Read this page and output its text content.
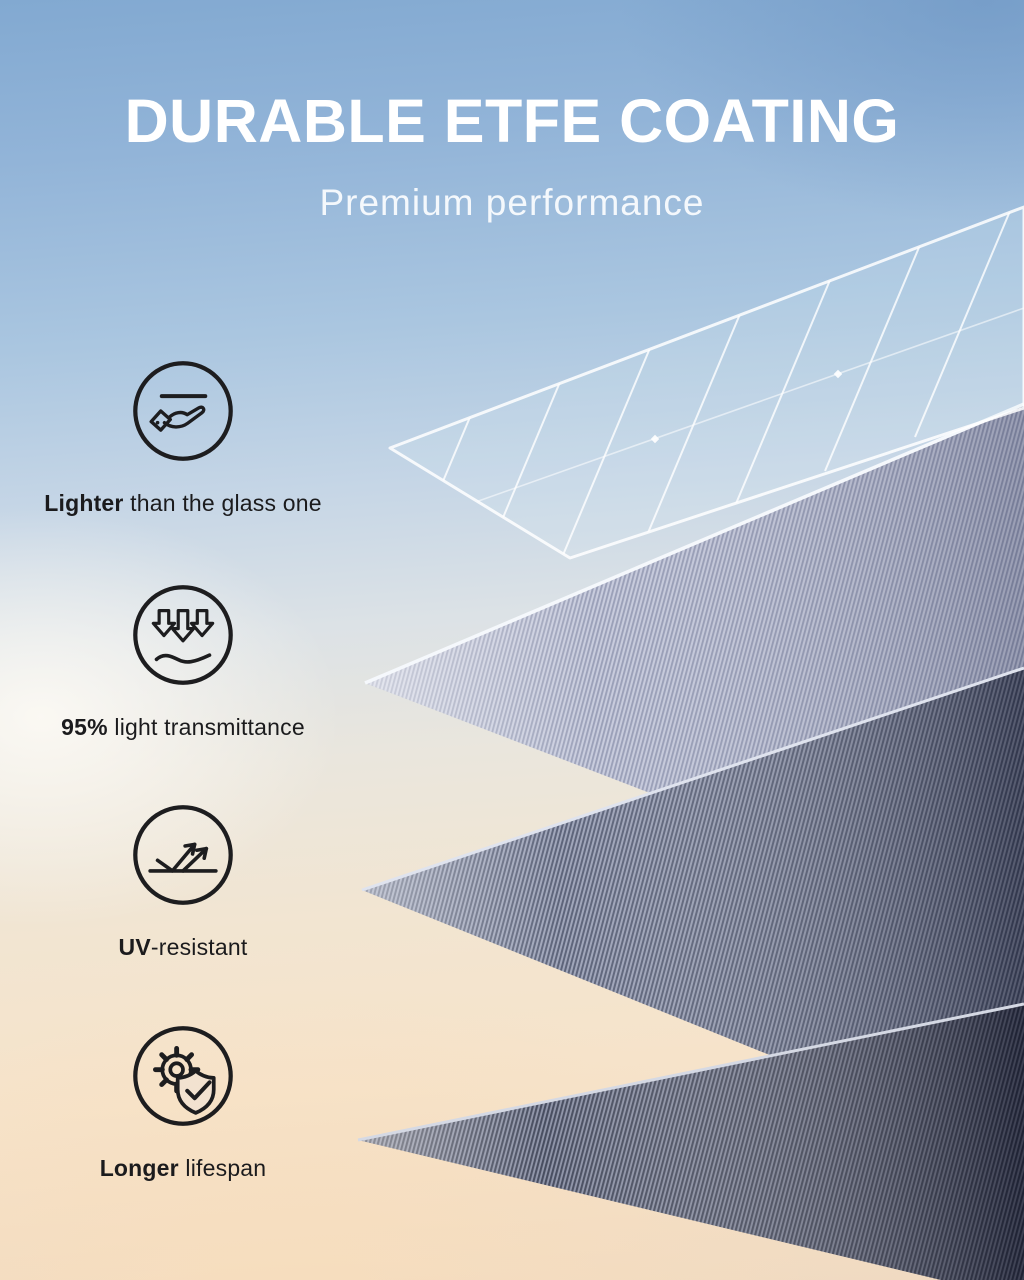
DURABLE ETFE COATING
Premium performance
Lighter than the glass one
95% light transmittance
UV-resistant
Longer lifespan
